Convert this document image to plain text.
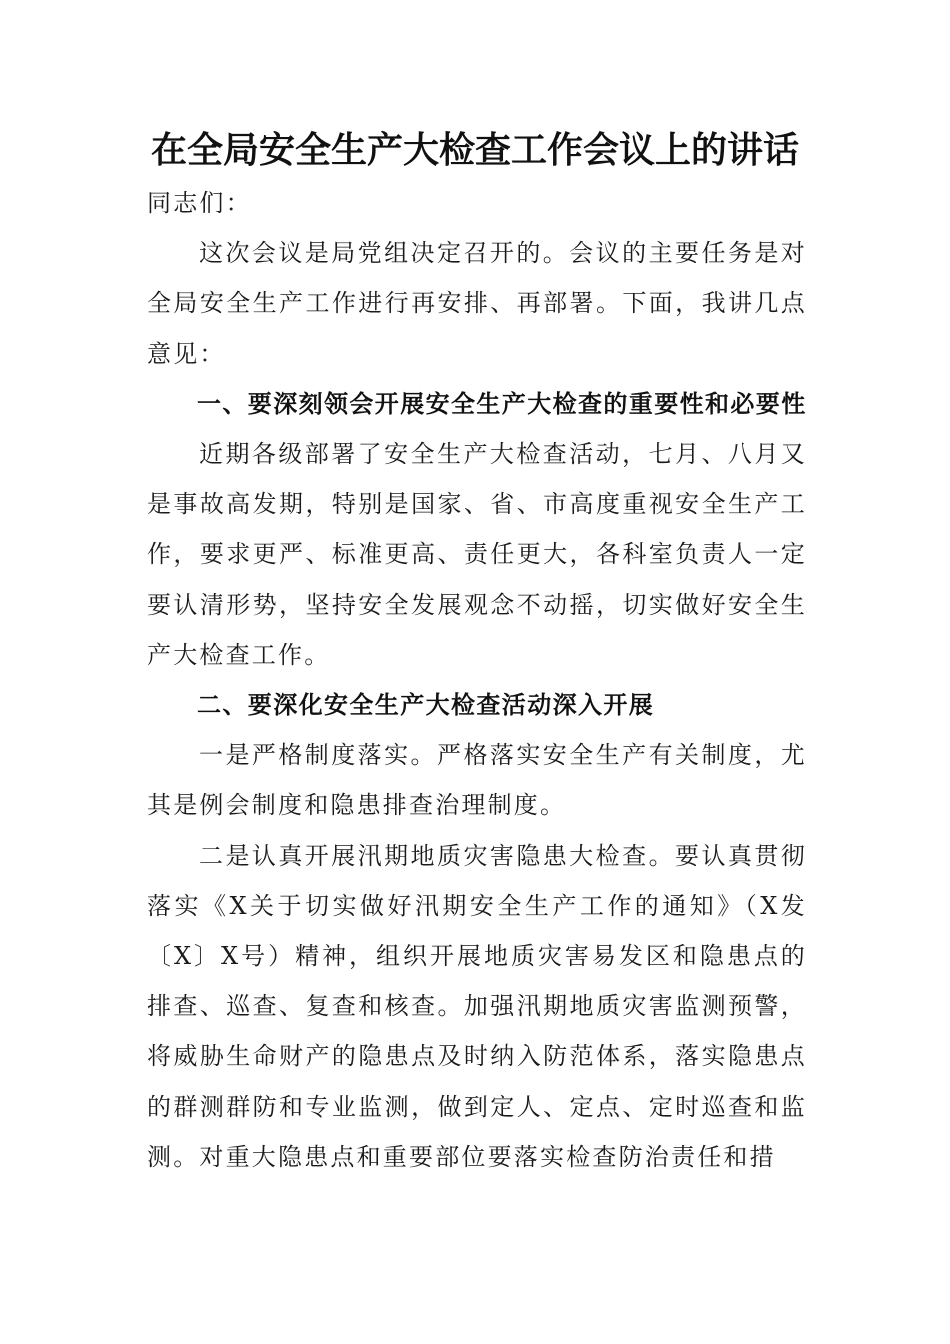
在全局安全生产大检查工作会议上的讲话

同志们：

这次会议是局党组决定召开的。会议的主要任务是对全局安全生产工作进行再安排、再部署。下面，我讲几点意见：

一、要深刻领会开展安全生产大检查的重要性和必要性

近期各级部署了安全生产大检查活动，七月、八月又是事故高发期，特别是国家、省、市高度重视安全生产工作，要求更严、标准更高、责任更大，各科室负责人一定要认清形势，坚持安全发展观念不动摇，切实做好安全生产大检查工作。

二、要深化安全生产大检查活动深入开展

一是严格制度落实。严格落实安全生产有关制度，尤其是例会制度和隐患排查治理制度。

二是认真开展汛期地质灾害隐患大检查。要认真贯彻落实《X关于切实做好汛期安全生产工作的通知》（X发〔X〕X号）精神，组织开展地质灾害易发区和隐患点的排查、巡查、复查和核查。加强汛期地质灾害监测预警，将威胁生命财产的隐患点及时纳入防范体系，落实隐患点的群测群防和专业监测，做到定人、定点、定时巡查和监测。对重大隐患点和重要部位要落实检查防治责任和措
